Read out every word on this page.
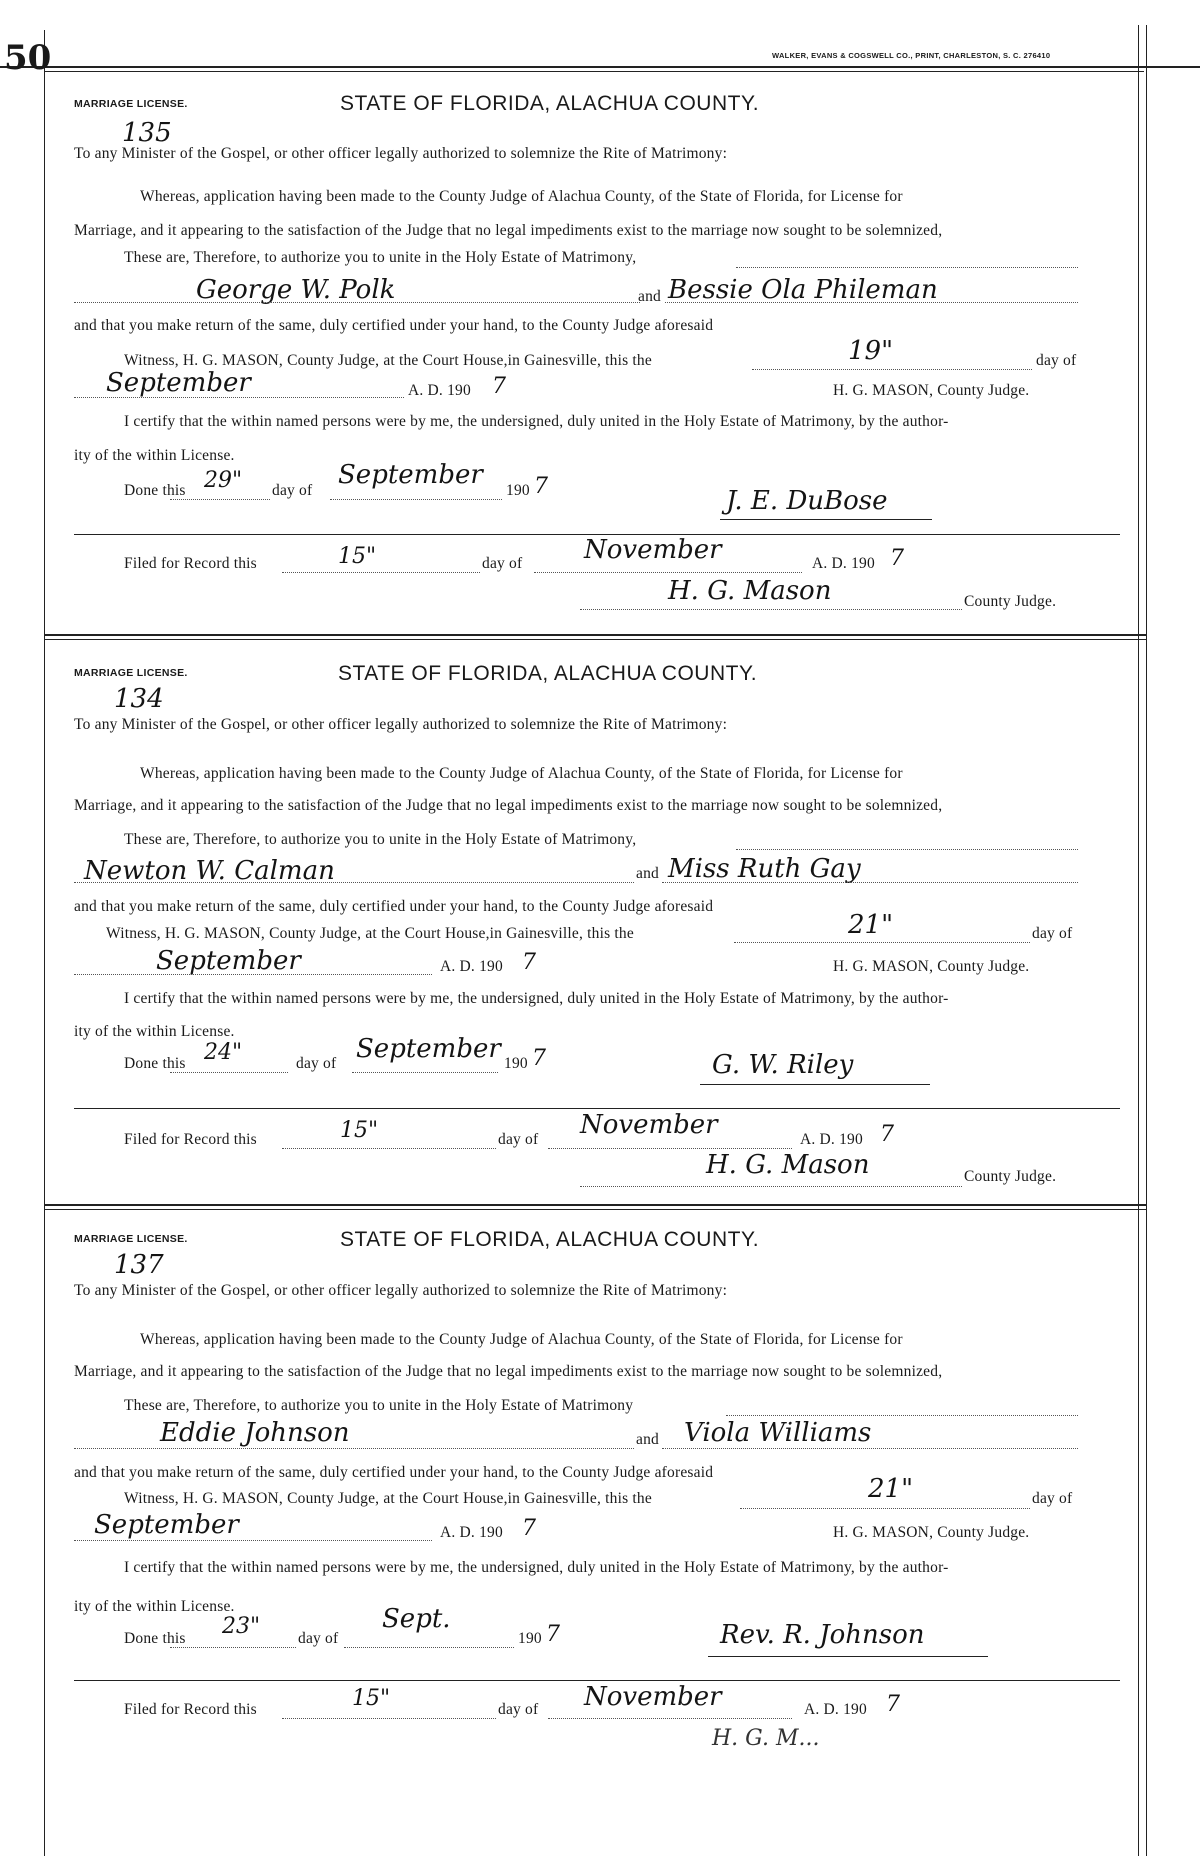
50	WALKER, EVANS & COGSWELL CO., PRINT, CHARLESTON, S. C. 276410
MARRIAGE LICENSE.	STATE OF FLORIDA, ALACHUA COUNTY.
135
To any Minister of the Gospel, or other officer legally authorized to solemnize the Rite of Matrimony:
Whereas, application having been made to the County Judge of Alachua County, of the State of Florida, for License for
Marriage, and it appearing to the satisfaction of the Judge that no legal impediments exist to the marriage now sought to be solemnized,
These are, Therefore, to authorize you to unite in the Holy Estate of Matrimony,
George W. Polk	and Bessie Ola Phileman
and that you make return of the same, duly certified under your hand, to the County Judge aforesaid
Witness, H. G. MASON, County Judge, at the Court House,in Gainesville, this the	19"	day of
September	A. D. 190 7	H. G. MASON, County Judge.
I certify that the within named persons were by me, the undersigned, duly united in the Holy Estate of Matrimony, by the author-
ity of the within License.
Done this 29" day of
September
190 7	J. E. DuBose
Filed for Record this	15"	day of November	A. D. 190 7
H. G. Mason	County Judge.
MARRIAGE LICENSE.	STATE OF FLORIDA, ALACHUA COUNTY.
134
To any Minister of the Gospel, or other officer legally authorized to solemnize the Rite of Matrimony:
Whereas, application having been made to the County Judge of Alachua County, of the State of Florida, for License for
Marriage, and it appearing to the satisfaction of the Judge that no legal impediments exist to the marriage now sought to be solemnized,
These are, Therefore, to authorize you to unite in the Holy Estate of Matrimony,
Newton W. Calman	and Miss Ruth Gay
and that you make return of the same, duly certified under your hand, to the County Judge aforesaid
Witness, H. G. MASON, County Judge, at the Court House,in Gainesville, this the	21"	day of
September	A. D. 190 7	H. G. MASON, County Judge.
I certify that the within named persons were by me, the undersigned, duly united in the Holy Estate of Matrimony, by the author-
ity of the within License.
Done this 24"	day of September 190 7	G. W. Riley
Filed for Record this	15"	day of November	A. D. 190 7
H. G. Mason	County Judge.
MARRIAGE LICENSE.	STATE OF FLORIDA, ALACHUA COUNTY.
137
To any Minister of the Gospel, or other officer legally authorized to solemnize the Rite of Matrimony:
Whereas, application having been made to the County Judge of Alachua County, of the State of Florida, for License for
Marriage, and it appearing to the satisfaction of the Judge that no legal impediments exist to the marriage now sought to be solemnized,
These are, Therefore, to authorize you to unite in the Holy Estate of Matrimony
Eddie Johnson	and Viola Williams
and that you make return of the same, duly certified under your hand, to the County Judge aforesaid
Witness, H. G. MASON, County Judge, at the Court House,in Gainesville, this the	21"	day of
September	A. D. 190 7	H. G. MASON, County Judge.
I certify that the within named persons were by me, the undersigned, duly united in the Holy Estate of Matrimony, by the author-
ity of the within License.
Done this 23" day of
Sept.
190 7	Rev. R. Johnson
Filed for Record this	15"	day of November	A. D. 190 7
H. G. M...
